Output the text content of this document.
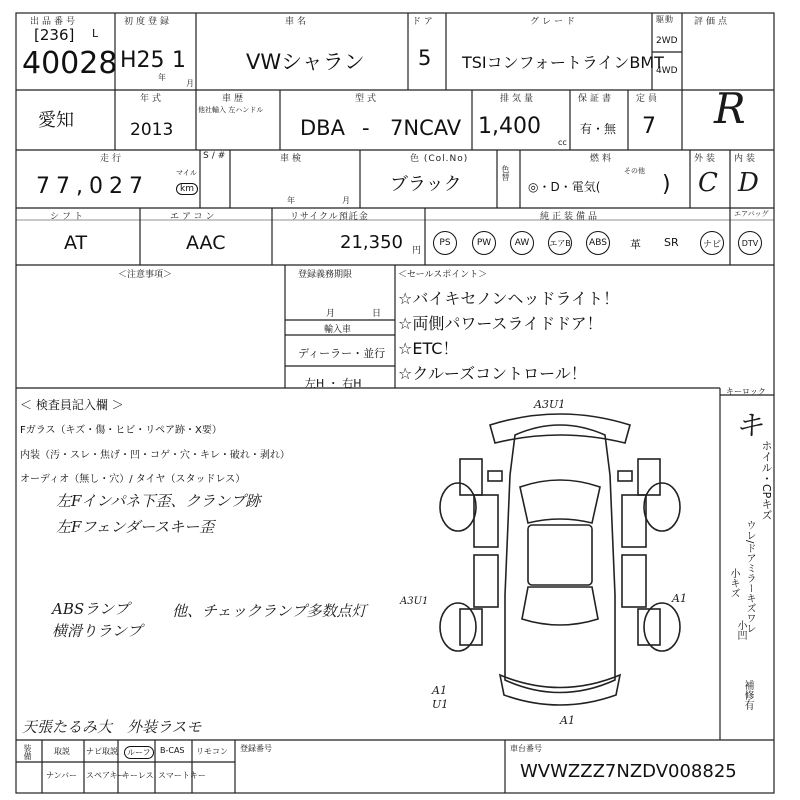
出品番号
[236] L
40028
初度登録
H25 1
年
月
車名
VWシャラン
ドア
5
グレード
TSIコンフォートラインBMT
駆動
2WD
4WD
評価点
R
愛知
年式
2013
車歴
他社輸入 左ハンドル
型式
DBA - 7NCAV
排気量
1,400
cc
保証書
有・無
定員
7
走行
77,027
マイル
km
S/#	車検
年	月
色 (Col.No)
ブラック
色替
燃料
◎・D・電気(
その他
)
外装
C
内装
D
シフト
AT
エアコン
AAC
リサイクル預託金
21,350 円
純正装備品	エアバッグ
PS	PW	AW	エアB	ABS 革 SR	ナビ	DTV
＜注意事項＞	登録義務期限
月	日
輸入車
ディーラー・並行
左H ・ 右H
＜セールスポイント＞
☆バイキセノンヘッドライト！
☆両側パワースライドドア！
☆ETC！
☆クルーズコントロール！
＜ 検査員記入欄 ＞
Fガラス（キズ・傷・ヒビ・リペア跡・X要）
内装（汚・スレ・焦げ・凹・コゲ・穴・キレ・破れ・剥れ）
オーディオ（無し・穴）/ タイヤ（スタッドレス）
左Fインパネ下歪、クランプ跡
左Fフェンダースキー歪
ABSランプ
横滑りランプ
他、チェックランプ多数点灯
天張たるみ大　外装ラスモ
A3U1
A3U1	A1
A1
U1
A1
キーロック
キ
ホイル・CPキズ
ウレ/ドアミラーキズワレ
小キズ
小凹
補修有
装備	取説 ナビ取説	ルーフ	B-CAS リモコン
ナンバー スペアキー
キーレス スマートキー
登録番号	車台番号
WVWZZZ7NZDV008825
